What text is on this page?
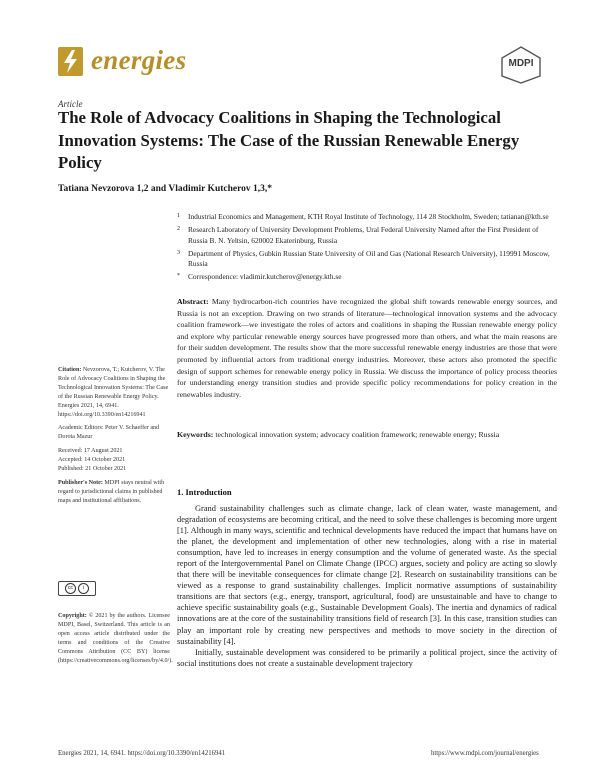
energies	MDPI
Article
The Role of Advocacy Coalitions in Shaping the Technological Innovation Systems: The Case of the Russian Renewable Energy Policy
Tatiana Nevzorova 1,2 and Vladimir Kutcherov 1,3,*
1 Industrial Economics and Management, KTH Royal Institute of Technology, 114 28 Stockholm, Sweden; tatianan@kth.se
2 Research Laboratory of University Development Problems, Ural Federal University Named after the First President of Russia B. N. Yeltsin, 620002 Ekaterinburg, Russia
3 Department of Physics, Gubkin Russian State University of Oil and Gas (National Research University), 119991 Moscow, Russia
* Correspondence: vladimir.kutcherov@energy.kth.se
Abstract: Many hydrocarbon-rich countries have recognized the global shift towards renewable energy sources, and Russia is not an exception. Drawing on two strands of literature—technological innovation systems and the advocacy coalition framework—we investigate the roles of actors and coalitions in shaping the Russian renewable energy policy and explore why particular renewable energy sources have progressed more than others, and what the main reasons are for their sudden development. The results show that the more successful renewable energy industries are those that were promoted by influential actors from traditional energy industries. Moreover, these actors also promoted the specific design of support schemes for renewable energy policy in Russia. We discuss the importance of policy process theories for understanding energy transition studies and provide specific policy recommendations for policy creation in the renewables industry.
Keywords: technological innovation system; advocacy coalition framework; renewable energy; Russia

Citation: Nevzorova, T.; Kutcherov, V. The Role of Advocacy Coalitions in Shaping the Technological Innovation Systems: The Case of the Russian Renewable Energy Policy. Energies 2021, 14, 6941. https://doi.org/10.3390/en14216941

Academic Editors: Peter V. Schaeffer and Dorota Mazur

Received: 17 August 2021

Accepted: 14 October 2021

Published: 21 October 2021

Publisher's Note: MDPI stays neutral with regard to jurisdictional claims in published maps and institutional affiliations.

cc	i
Copyright: © 2021 by the authors. Licensee MDPI, Basel, Switzerland. This article is an open access article distributed under the terms and conditions of the Creative Commons Attribution (CC BY) license (https://creativecommons.org/licenses/by/4.0/).
1. Introduction

Grand sustainability challenges such as climate change, lack of clean water, waste management, and degradation of ecosystems are becoming critical, and the need to solve these challenges is becoming more urgent [1]. Although in many ways, scientific and technical developments have reduced the impact that humans have on the planet, the development and implementation of other new technologies, along with a rise in material consumption, have led to increases in energy consumption and the volume of generated waste. As the special report of the Intergovernmental Panel on Climate Change (IPCC) argues, society and policy are acting so slowly that there will be inevitable consequences for climate change [2]. Research on sustainability transitions can be viewed as a response to grand sustainability challenges. Implicit normative assumptions of sustainability transitions are that sectors (e.g., energy, transport, agricultural, food) are unsustainable and have to change to achieve specific sustainability goals (e.g., Sustainable Development Goals). The inertia and dynamics of radical innovations are at the core of the sustainability transitions field of research [3]. In this case, transition studies can play an important role by creating new perspectives and methods to move society in the direction of sustainability [4].

Initially, sustainable development was considered to be primarily a political project, since the activity of social institutions does not create a sustainable development trajectory

Energies 2021, 14, 6941. https://doi.org/10.3390/en14216941	https://www.mdpi.com/journal/energies
